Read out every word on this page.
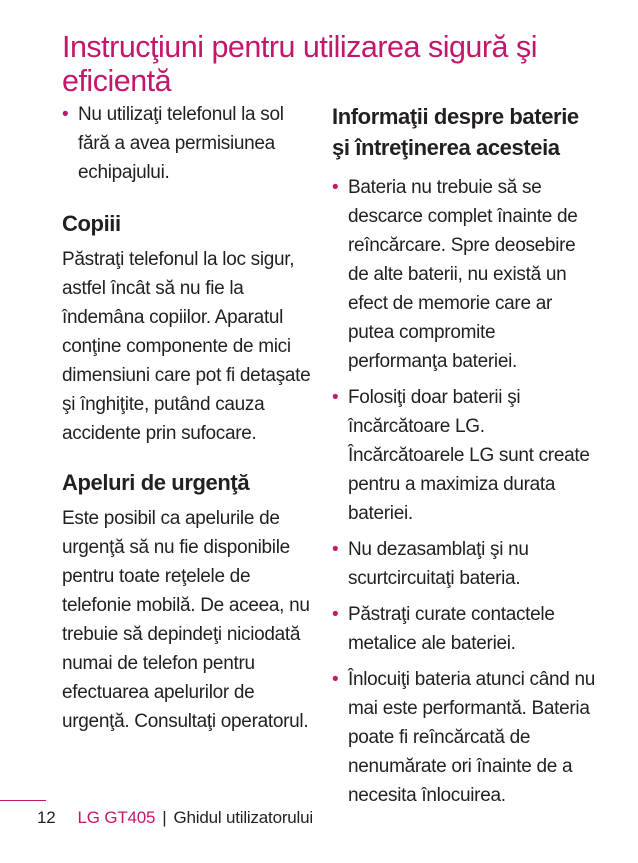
Instrucţiuni pentru utilizarea sigură şi eficientă
• Nu utilizaţi telefonul la sol fără a avea permisiunea echipajului.
Copiii

Păstraţi telefonul la loc sigur, astfel încât să nu fie la îndemâna copiilor. Aparatul conţine componente de mici dimensiuni care pot fi detaşate şi înghiţite, putând cauza accidente prin sufocare.

Apeluri de urgenţă

Este posibil ca apelurile de urgenţă să nu fie disponibile pentru toate reţelele de telefonie mobilă. De aceea, nu trebuie să depindeţi niciodată numai de telefon pentru efectuarea apelurilor de urgenţă. Consultaţi operatorul.

Informaţii despre baterie şi întreţinerea acesteia
• Bateria nu trebuie să se descarce complet înainte de reîncărcare. Spre deosebire de alte baterii, nu există un efect de memorie care ar putea compromite performanţa bateriei.
• Folosiţi doar baterii şi încărcătoare LG. Încărcătoarele LG sunt create pentru a maximiza durata bateriei.
• Nu dezasamblaţi şi nu scurtcircuitaţi bateria.
• Păstraţi curate contactele metalice ale bateriei.
• Înlocuiţi bateria atunci când nu mai este performantă. Bateria poate fi reîncărcată de nenumărate ori înainte de a necesita înlocuirea.
12 LG GT405 | Ghidul utilizatorului
